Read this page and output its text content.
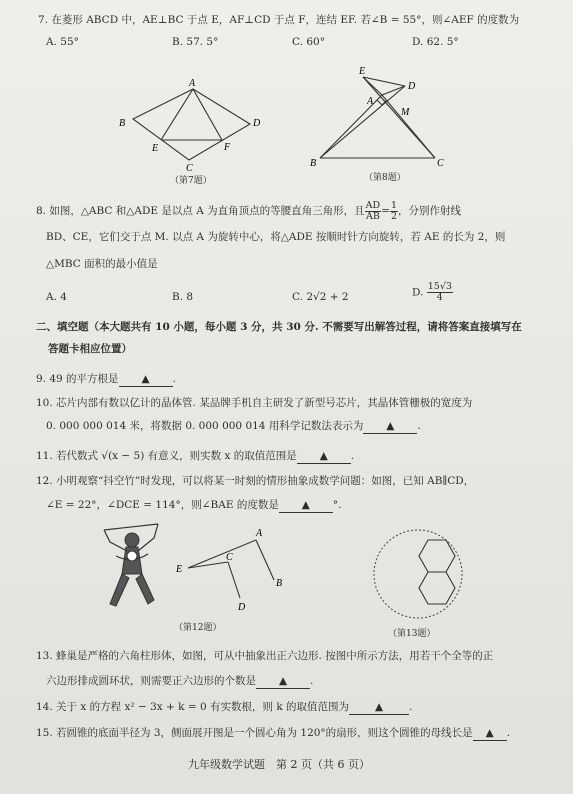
7. 在菱形 ABCD 中，AE⊥BC 于点 E，AF⊥CD 于点 F，连结 EF. 若∠B = 55°，则∠AEF 的度数为
A. 55°	B. 57. 5°	C. 60°	D. 62. 5°
A
B
C
D
E	F
（第7题）
E
A
D
M
B	C
（第8题）
8. 如图，△ABC 和△ADE 是以点 A 为直角顶点的等腰直角三角形，且 $\frac{AD}{AB} = \frac{1}{2}$ ，分别作射线
BD、CE，它们交于点 M. 以点 A 为旋转中心，将△ADE 按顺时针方向旋转，若 AE 的长为 2，则
△MBC 面积的最小值是
A. 4	B. 8	C. 2√2 + 2	D. $\frac{15√3}{4}$
二、填空题（本大题共有 10 小题，每小题 3 分，共 30 分. 不需要写出解答过程，请将答案直接填写在
答题卡相应位置）
9. 49 的平方根是 ▲ .
10. 芯片内部有数以亿计的晶体管. 某品牌手机自主研发了新型号芯片，其晶体管栅极的宽度为
0. 000 000 014 米，将数据 0. 000 000 014 用科学记数法表示为 ▲ .
11. 若代数式 √(x − 5) 有意义，则实数 x 的取值范围是 ▲ .
12. 小明观察“抖空竹”时发现，可以将某一时刻的情形抽象成数学问题：如图，已知 AB∥CD，
∠E = 22°，∠DCE = 114°，则∠BAE 的度数是 ▲ °.
E
C
A
B
D
（第12题）
（第13题）
13. 蜂巢是严格的六角柱形体，如图，可从中抽象出正六边形. 按图中所示方法，用若干个全等的正
六边形排成圆环状，则需要正六边形的个数是 ▲ .
14. 关于 x 的方程 x² − 3x + k = 0 有实数根，则 k 的取值范围为 ▲ .
15. 若圆锥的底面半径为 3，侧面展开图是一个圆心角为 120°的扇形，则这个圆锥的母线长是 ▲ .
九年级数学试题　第 2 页（共 6 页）
